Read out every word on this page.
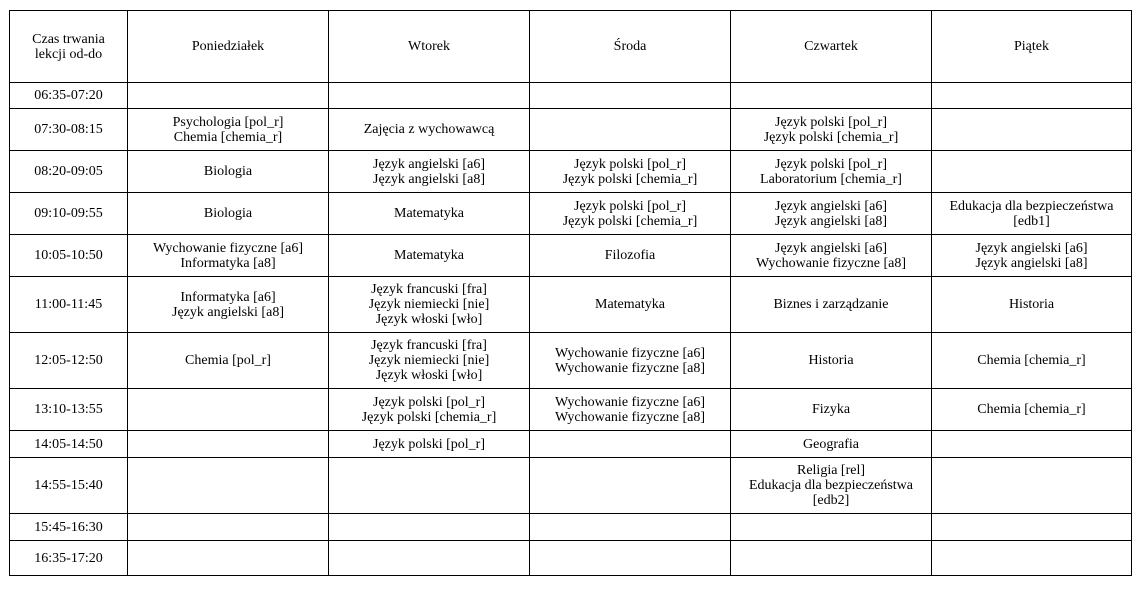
Czas trwania
lekcji od-do	Poniedziałek	Wtorek	Środa	Czwartek	Piątek
06:35-07:20					
07:30-08:15	Psychologia [pol_r]
Chemia [chemia_r]	Zajęcia z wychowawcą		Język polski [pol_r]
Język polski [chemia_r]	

08:20-09:05	Biologia	Język angielski [a6]
Język angielski [a8]	Język polski [pol_r]
Język polski [chemia_r]	Język polski [pol_r]
Laboratorium [chemia_r]	

09:10-09:55	Biologia	Matematyka	Język polski [pol_r]
Język polski [chemia_r]	Język angielski [a6]
Język angielski [a8]	Edukacja dla bezpieczeństwa
[edb1]

10:05-10:50	Wychowanie fizyczne [a6]
Informatyka [a8]	Matematyka	Filozofia	Język angielski [a6]
Wychowanie fizyczne [a8]	Język angielski [a6]
Język angielski [a8]

11:00-11:45	Informatyka [a6]
Język angielski [a8]	Język francuski [fra]
Język niemiecki [nie]
Język włoski [wło]	Matematyka	Biznes i zarządzanie	Historia

12:05-12:50	Chemia [pol_r]	Język francuski [fra]
Język niemiecki [nie]
Język włoski [wło]	Wychowanie fizyczne [a6]
Wychowanie fizyczne [a8]	Historia	Chemia [chemia_r]

13:10-13:55		Język polski [pol_r]
Język polski [chemia_r]	Wychowanie fizyczne [a6]
Wychowanie fizyczne [a8]	Fizyka	Chemia [chemia_r]

14:05-14:50		Język polski [pol_r]		Geografia	

14:55-15:40				Religia [rel]
Edukacja dla bezpieczeństwa
[edb2]	

15:45-16:30					
16:35-17:20					
